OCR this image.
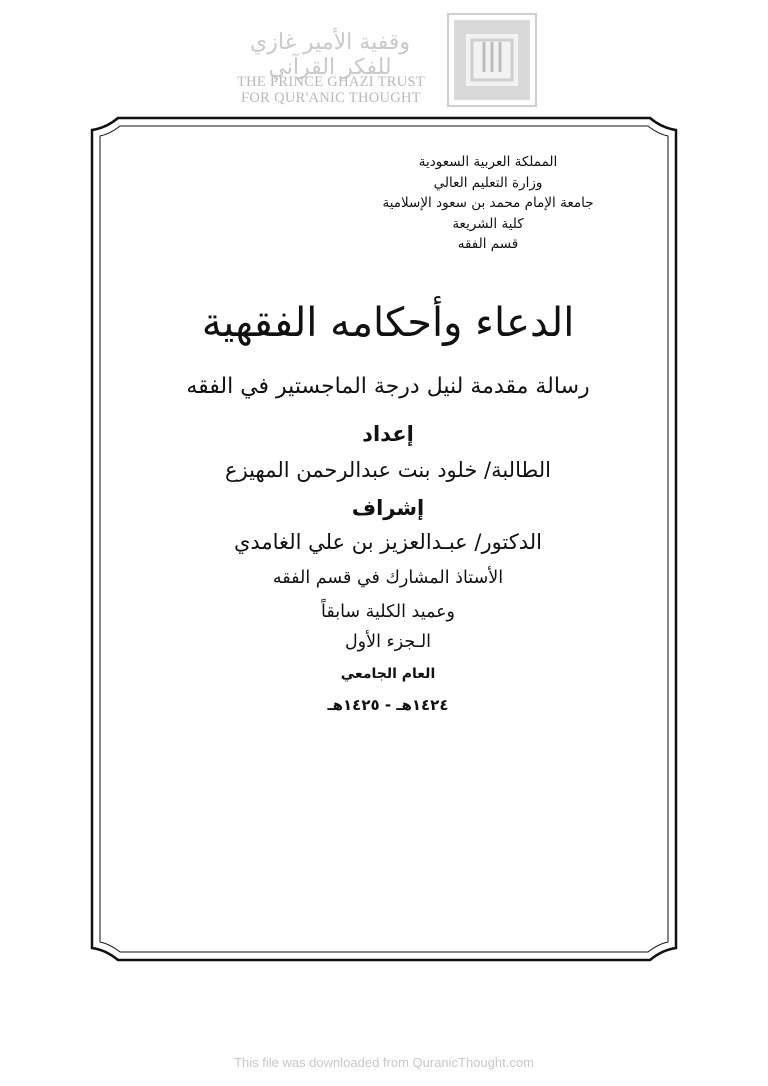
وقفية الأمير غازي للفكر القرآني
THE PRINCE GHAZI TRUST
FOR QUR'ANIC THOUGHT
المملكة العربية السعودية
وزارة التعليم العالي
جامعة الإمام محمد بن سعود الإسلامية
كلية الشريعة
قسم الفقه
الدعاء وأحكامه الفقهية
رسالة مقدمة لنيل درجة الماجستير في الفقه
إعداد
الطالبة/ خلود بنت عبدالرحمن المهيزع
إشراف
الدكتور/ عبـدالعزيز بن علي الغامدي
الأستاذ المشارك في قسم الفقه
وعميد الكلية سابقاً
الـجزء الأول
العام الجامعي
١٤٢٤هـ - ١٤٢٥هـ
This file was downloaded from QuranicThought.com
